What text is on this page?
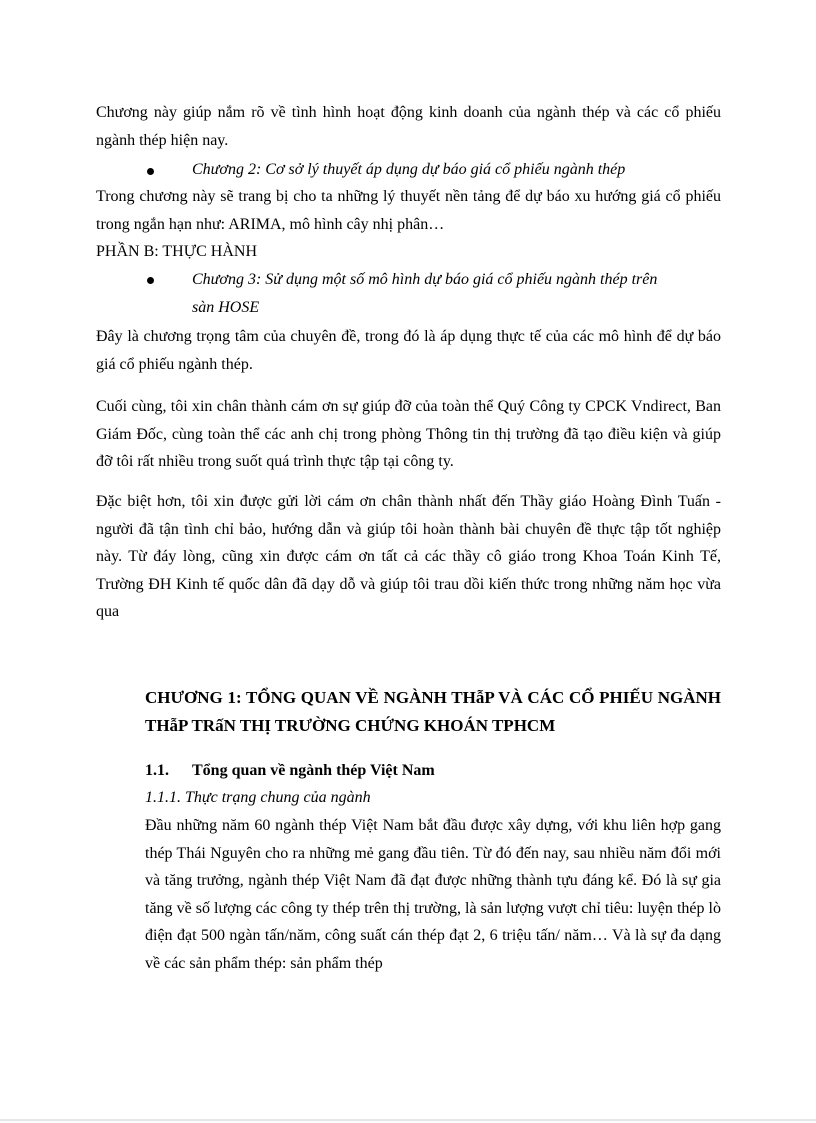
Chương này giúp nắm rõ về tình hình hoạt động kinh doanh của ngành thép và các cổ phiếu ngành thép hiện nay.
Chương 2: Cơ sở lý thuyết áp dụng dự báo giá cổ phiếu ngành thép
Trong chương này sẽ trang bị cho ta những lý thuyết nền tảng để dự báo xu hướng giá cổ phiếu trong ngắn hạn như: ARIMA, mô hình cây nhị phân…
PHẦN B: THỰC HÀNH
Chương 3: Sử dụng một số mô hình dự báo giá cổ phiếu ngành thép trên
sàn HOSE
Đây là chương trọng tâm của chuyên đề, trong đó là áp dụng thực tế của các mô hình để dự báo giá cổ phiếu ngành thép.
Cuối cùng, tôi xin chân thành cám ơn sự giúp đỡ của toàn thể Quý Công ty CPCK Vndirect, Ban Giám Đốc, cùng toàn thể các anh chị trong phòng Thông tin thị trường đã tạo điều kiện và giúp đỡ tôi rất nhiều trong suốt quá trình thực tập tại công ty.
Đặc biệt hơn, tôi xin được gửi lời cám ơn chân thành nhất đến Thầy giáo Hoàng Đình Tuấn - người đã tận tình chỉ bảo, hướng dẫn và giúp tôi hoàn thành bài chuyên đề thực tập tốt nghiệp này. Từ đáy lòng, cũng xin được cám ơn tất cả các thầy cô giáo trong Khoa Toán Kinh Tế, Trường ĐH Kinh tế quốc dân đã dạy dỗ và giúp tôi trau dồi kiến thức trong những năm học vừa qua
CHƯƠNG 1: TỔNG QUAN VỀ NGÀNH THẫP VÀ CÁC CỔ PHIẾU NGÀNH THẫP TRấN THỊ TRƯỜNG CHỨNG KHOÁN TPHCM
1.1. Tổng quan về ngành thép Việt Nam
1.1.1. Thực trạng chung của ngành
Đầu những năm 60 ngành thép Việt Nam bắt đầu được xây dựng, với khu liên hợp gang thép Thái Nguyên cho ra những mẻ gang đầu tiên. Từ đó đến nay, sau nhiều năm đổi mới và tăng trưởng, ngành thép Việt Nam đã đạt được những thành tựu đáng kể. Đó là sự gia tăng về số lượng các công ty thép trên thị trường, là sản lượng vượt chỉ tiêu: luyện thép lò điện đạt 500 ngàn tấn/năm, công suất cán thép đạt 2, 6 triệu tấn/ năm… Và là sự đa dạng về các sản phẩm thép: sản phẩm thép
